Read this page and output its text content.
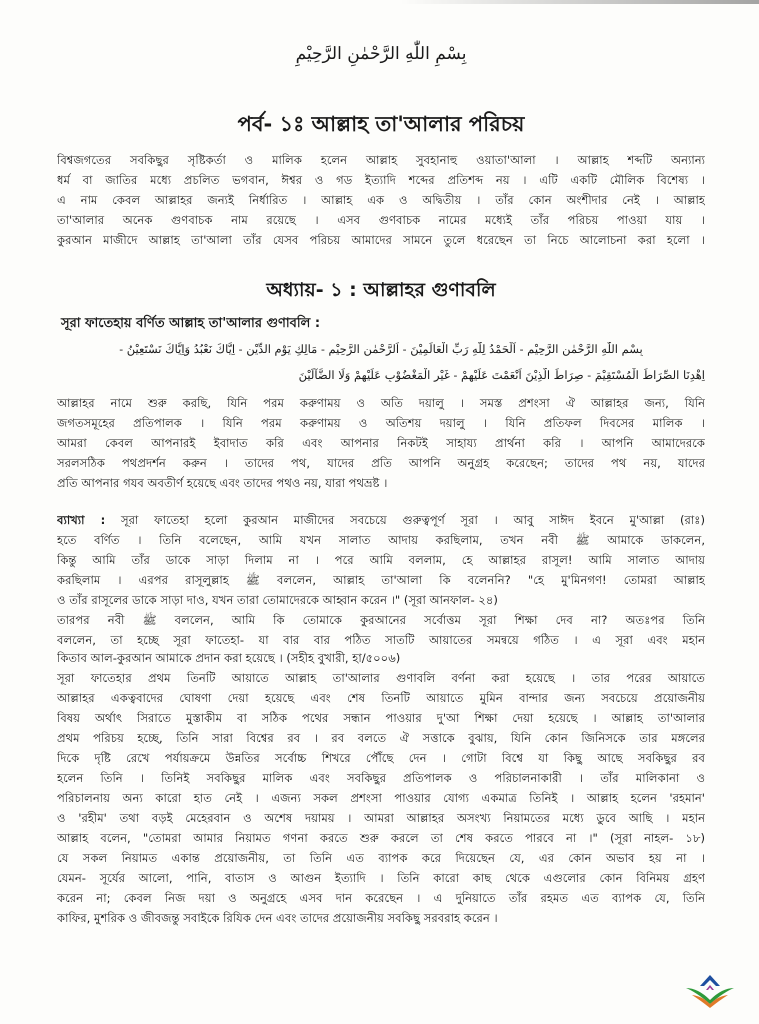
بِسْمِ اللّٰهِ الرَّحْمٰنِ الرَّحِيْمِ
পর্ব- ১ঃ আল্লাহ তা'আলার পরিচয়
বিশ্বজগতের সবকিছুর সৃষ্টিকর্তা ও মালিক হলেন আল্লাহ সুবহানাহু ওয়াতা'আলা । আল্লাহ শব্দটি অন্যান্য
ধর্ম বা জাতির মধ্যে প্রচলিত ভগবান, ঈশ্বর ও গড ইত্যাদি শব্দের প্রতিশব্দ নয় । এটি একটি মৌলিক বিশেষ্য ।
এ নাম কেবল আল্লাহর জন্যই নির্ধারিত । আল্লাহ এক ও অদ্বিতীয় । তাঁর কোন অংশীদার নেই । আল্লাহ
তা'আলার অনেক গুণবাচক নাম রয়েছে । এসব গুণবাচক নামের মধ্যেই তাঁর পরিচয় পাওয়া যায় ।
কুরআন মাজীদে আল্লাহ তা'আলা তাঁর যেসব পরিচয় আমাদের সামনে তুলে ধরেছেন তা নিচে আলোচনা করা হলো ।
অধ্যায়- ১ : আল্লাহর গুণাবলি
সূরা ফাতেহায় বর্ণিত আল্লাহ তা'আলার গুণাবলি :
بِسْمِ اللّٰهِ الرَّحْمٰنِ الرَّحِيْمِ - اَلْحَمْدُ لِلّٰهِ رَبِّ الْعَالَمِيْنَ - اَلرَّحْمٰنِ الرَّحِيْمِ - مَالِكِ يَوْمِ الدِّيْنِ - اِيَّاكَ نَعْبُدُ وَاِيَّاكَ نَسْتَعِيْنُ -
اِهْدِنَا الصِّرَاطَ الْمُسْتَقِيْمَ - صِرَاطَ الَّذِيْنَ اَنْعَمْتَ عَلَيْهِمْ - غَيْرِ الْمَغْضُوْبِ عَلَيْهِمْ وَلَا الضَّآلِّيْنَ
আল্লাহর নামে শুরু করছি, যিনি পরম করুণাময় ও অতি দয়ালু । সমস্ত প্রশংসা ঐ আল্লাহর জন্য, যিনি
জগতসমূহের প্রতিপালক । যিনি পরম করুণাময় ও অতিশয় দয়ালু । যিনি প্রতিফল দিবসের মালিক ।
আমরা কেবল আপনারই ইবাদাত করি এবং আপনার নিকটই সাহায্য প্রার্থনা করি । আপনি আমাদেরকে
সরলসঠিক পথপ্রদর্শন করুন । তাদের পথ, যাদের প্রতি আপনি অনুগ্রহ করেছেন; তাদের পথ নয়, যাদের
প্রতি আপনার গযব অবতীর্ণ হয়েছে এবং তাদের পথও নয়, যারা পথভ্রষ্ট ।
ব্যাখ্যা : সূরা ফাতেহা হলো কুরআন মাজীদের সবচেয়ে গুরুত্বপূর্ণ সূরা । আবু সাঈদ ইবনে মু'আল্লা (রাঃ)
হতে বর্ণিত । তিনি বলেছেন, আমি যখন সালাত আদায় করছিলাম, তখন নবী ﷺ আমাকে ডাকলেন,
কিন্তু আমি তাঁর ডাকে সাড়া দিলাম না । পরে আমি বললাম, হে আল্লাহর রাসূল! আমি সালাত আদায়
করছিলাম । এরপর রাসূলুল্লাহ ﷺ বললেন, আল্লাহ তা'আলা কি বলেননি? "হে মু'মিনগণ! তোমরা আল্লাহ
ও তাঁর রাসূলের ডাকে সাড়া দাও, যখন তারা তোমাদেরকে আহ্বান করেন ।" (সূরা আনফাল- ২৪)
তারপর নবী ﷺ বললেন, আমি কি তোমাকে কুরআনের সর্বোত্তম সূরা শিক্ষা দেব না? অতঃপর তিনি
বললেন, তা হচ্ছে সূরা ফাতেহা- যা বার বার পঠিত সাতটি আয়াতের সমন্বয়ে গঠিত । এ সূরা এবং মহান
কিতাব আল-কুরআন আমাকে প্রদান করা হয়েছে । (সহীহ বুখারী, হা/৫০০৬)
সূরা ফাতেহার প্রথম তিনটি আয়াতে আল্লাহ তা'আলার গুণাবলি বর্ণনা করা হয়েছে । তার পরের আয়াতে
আল্লাহর একত্ববাদের ঘোষণা দেয়া হয়েছে এবং শেষ তিনটি আয়াতে মুমিন বান্দার জন্য সবচেয়ে প্রয়োজনীয়
বিষয় অর্থাৎ সিরাতে মুস্তাকীম বা সঠিক পথের সন্ধান পাওয়ার দু'আ শিক্ষা দেয়া হয়েছে । আল্লাহ তা'আলার
প্রথম পরিচয় হচ্ছে, তিনি সারা বিশ্বের রব । রব বলতে ঐ সত্তাকে বুঝায়, যিনি কোন জিনিসকে তার মঙ্গলের
দিকে দৃষ্টি রেখে পর্যায়ক্রমে উন্নতির সর্বোচ্চ শিখরে পৌঁছে দেন । গোটা বিশ্বে যা কিছু আছে সবকিছুর রব
হলেন তিনি । তিনিই সবকিছুর মালিক এবং সবকিছুর প্রতিপালক ও পরিচালনাকারী । তাঁর মালিকানা ও
পরিচালনায় অন্য কারো হাত নেই । এজন্য সকল প্রশংসা পাওয়ার যোগ্য একমাত্র তিনিই । আল্লাহ হলেন 'রহমান'
ও 'রহীম' তথা বড়ই মেহেরবান ও অশেষ দয়াময় । আমরা আল্লাহর অসংখ্য নিয়ামতের মধ্যে ডুবে আছি । মহান
আল্লাহ বলেন, "তোমরা আমার নিয়ামত গণনা করতে শুরু করলে তা শেষ করতে পারবে না ।" (সূরা নাহল- ১৮)
যে সকল নিয়ামত একান্ত প্রয়োজনীয়, তা তিনি এত ব্যাপক করে দিয়েছেন যে, এর কোন অভাব হয় না ।
যেমন- সূর্যের আলো, পানি, বাতাস ও আগুন ইত্যাদি । তিনি কারো কাছ থেকে এগুলোর কোন বিনিময় গ্রহণ
করেন না; কেবল নিজ দয়া ও অনুগ্রহে এসব দান করেছেন । এ দুনিয়াতে তাঁর রহমত এত ব্যাপক যে, তিনি
কাফির, মুশরিক ও জীবজন্তু সবাইকে রিযিক দেন এবং তাদের প্রয়োজনীয় সবকিছু সরবরাহ করেন ।
